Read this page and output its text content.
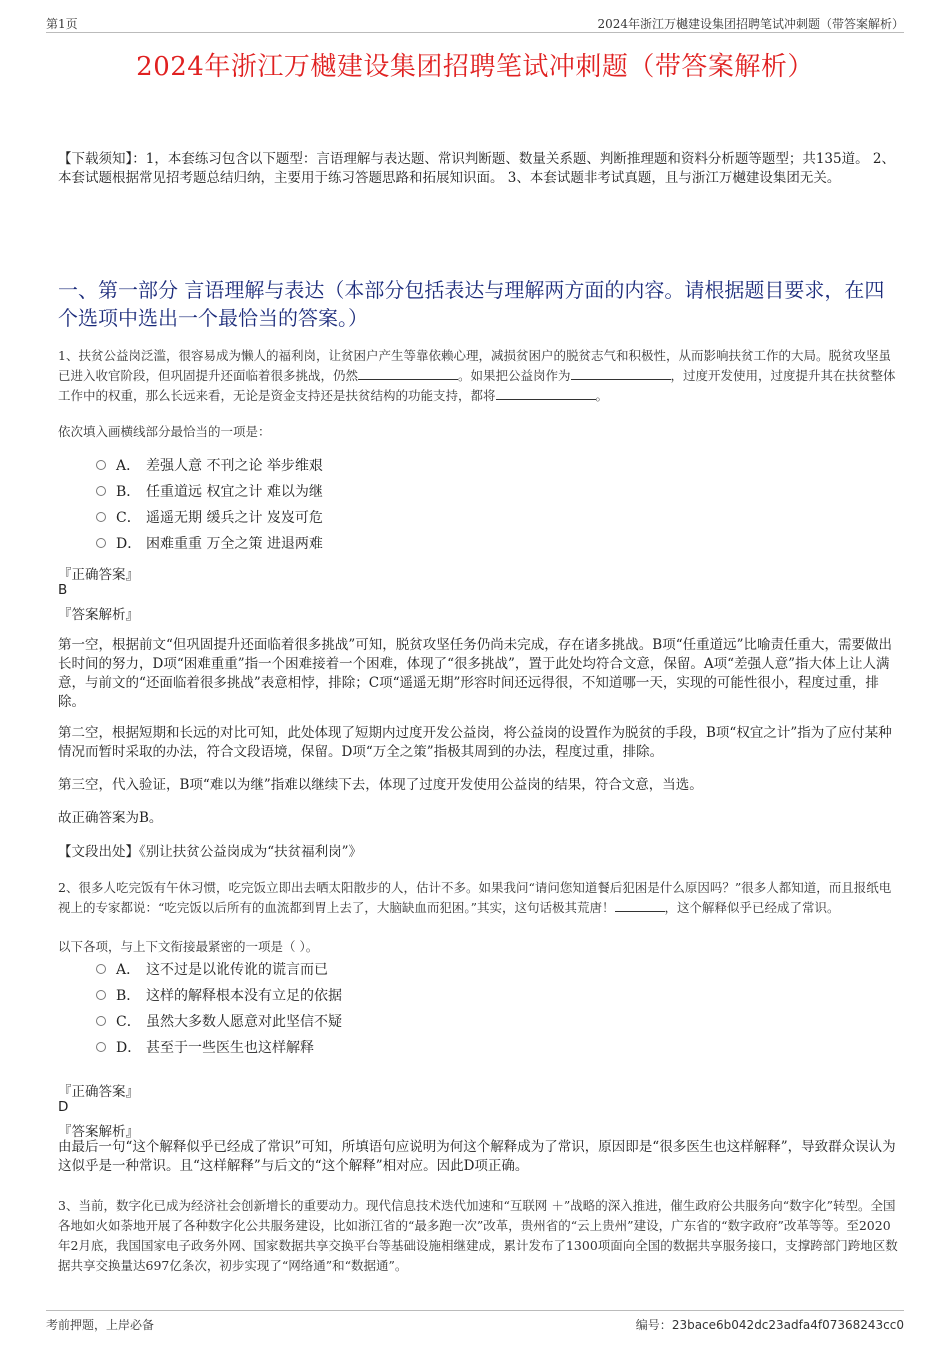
第1页	2024年浙江万樾建设集团招聘笔试冲刺题（带答案解析）
2024年浙江万樾建设集团招聘笔试冲刺题（带答案解析）
【下载须知】：1，本套练习包含以下题型：言语理解与表达题、常识判断题、数量关系题、判断推理题和资料分析题等题型；共135道。 2、本套试题根据常见招考题总结归纳，主要用于练习答题思路和拓展知识面。 3、本套试题非考试真题，且与浙江万樾建设集团无关。
一、第一部分 言语理解与表达（本部分包括表达与理解两方面的内容。请根据题目要求，在四个选项中选出一个最恰当的答案。）
1、扶贫公益岗泛滥，很容易成为懒人的福利岗，让贫困户产生等靠依赖心理，减损贫困户的脱贫志气和积极性，从而影响扶贫工作的大局。脱贫攻坚虽已进入收官阶段，但巩固提升还面临着很多挑战，仍然	。如果把公益岗作为	，过度开发使用，过度提升其在扶贫整体工作中的权重，那么长远来看，无论是资金支持还是扶贫结构的功能支持，都将	。
依次填入画横线部分最恰当的一项是：
A． 差强人意 不刊之论 举步维艰
B． 任重道远 权宜之计 难以为继
C． 遥遥无期 缓兵之计 岌岌可危
D． 困难重重 万全之策 进退两难
『正确答案』
B
『答案解析』
第一空，根据前文“但巩固提升还面临着很多挑战”可知，脱贫攻坚任务仍尚未完成，存在诸多挑战。B项“任重道远”比喻责任重大，需要做出长时间的努力，D项“困难重重”指一个困难接着一个困难，体现了“很多挑战”，置于此处均符合文意，保留。A项“差强人意”指大体上让人满意，与前文的“还面临着很多挑战”表意相悖，排除；C项“遥遥无期”形容时间还远得很，不知道哪一天，实现的可能性很小，程度过重，排除。
第二空，根据短期和长远的对比可知，此处体现了短期内过度开发公益岗，将公益岗的设置作为脱贫的手段，B项“权宜之计”指为了应付某种情况而暂时采取的办法，符合文段语境，保留。D项“万全之策”指极其周到的办法，程度过重，排除。
第三空，代入验证，B项“难以为继”指难以继续下去，体现了过度开发使用公益岗的结果，符合文意，当选。
故正确答案为B。
【文段出处】《别让扶贫公益岗成为“扶贫福利岗”》
2、很多人吃完饭有午休习惯，吃完饭立即出去晒太阳散步的人，估计不多。如果我问“请问您知道餐后犯困是什么原因吗？”很多人都知道，而且报纸电视上的专家都说：“吃完饭以后所有的血流都到胃上去了，大脑缺血而犯困。”其实，这句话极其荒唐！	，这个解释似乎已经成了常识。
以下各项，与上下文衔接最紧密的一项是（ ）。
A． 这不过是以讹传讹的谎言而已
B． 这样的解释根本没有立足的依据
C． 虽然大多数人愿意对此坚信不疑
D． 甚至于一些医生也这样解释
『正确答案』
D
『答案解析』
由最后一句“这个解释似乎已经成了常识”可知，所填语句应说明为何这个解释成为了常识，原因即是“很多医生也这样解释”，导致群众误认为这似乎是一种常识。且“这样解释”与后文的“这个解释”相对应。因此D项正确。
3、当前，数字化已成为经济社会创新增长的重要动力。现代信息技术迭代加速和“互联网 ＋”战略的深入推进，催生政府公共服务向“数字化”转型。全国各地如火如荼地开展了各种数字化公共服务建设，比如浙江省的“最多跑一次”改革，贵州省的“云上贵州”建设，广东省的“数字政府”改革等等。至2020年2月底，我国国家电子政务外网、国家数据共享交换平台等基础设施相继建成，累计发布了1300项面向全国的数据共享服务接口，支撑跨部门跨地区数据共享交换量达697亿条次，初步实现了“网络通”和“数据通”。
考前押题，上岸必备	编号：23bace6b042dc23adfa4f07368243cc0
